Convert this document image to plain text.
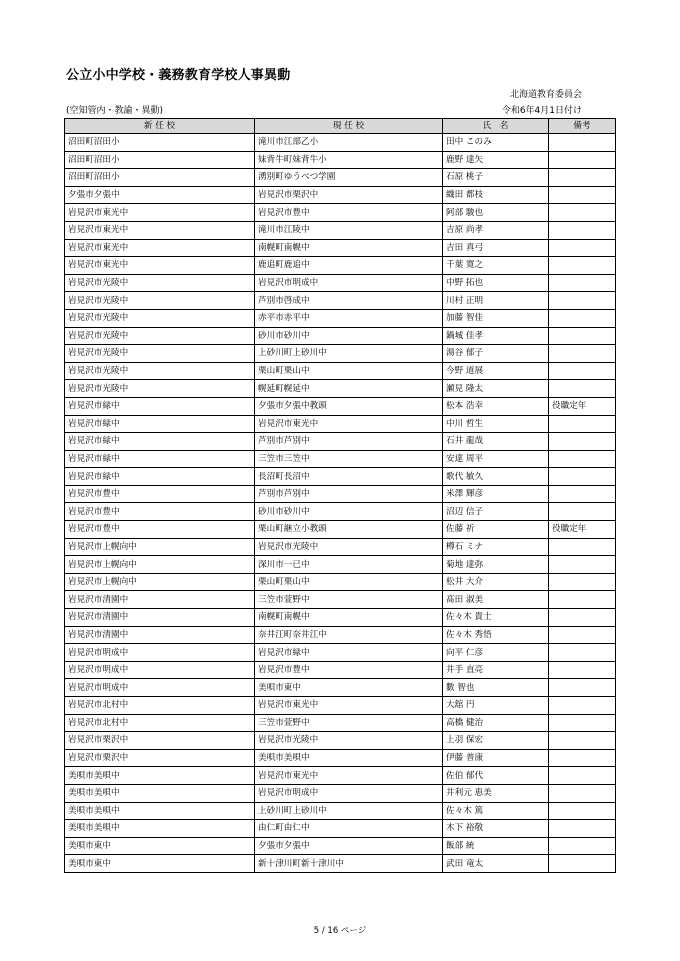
公立小中学校・義務教育学校人事異動
北海道教育委員会
(空知管内・教諭・異動)	令和6年4月1日付け
新 任 校	現 任 校	氏　名	備考
沼田町沼田小	滝川市江部乙小	田中 このみ	
沼田町沼田小	妹背牛町妹背牛小	鹿野 達矢	
沼田町沼田小	湧別町ゆうべつ学園	石原 桃子	
夕張市夕張中	岩見沢市栗沢中	織田 都枝	
岩見沢市東光中	岩見沢市豊中	阿部 駿也	
岩見沢市東光中	滝川市江陵中	吉原 尚孝	
岩見沢市東光中	南幌町南幌中	吉田 真弓	
岩見沢市東光中	鹿追町鹿追中	千葉 寛之	
岩見沢市光陵中	岩見沢市明成中	中野 拓也	
岩見沢市光陵中	芦別市啓成中	川村 正明	
岩見沢市光陵中	赤平市赤平中	加藤 智佳	
岩見沢市光陵中	砂川市砂川中	鍋城 佳孝	
岩見沢市光陵中	上砂川町上砂川中	湯谷 郁子	
岩見沢市光陵中	栗山町栗山中	今野 道展	
岩見沢市光陵中	幌延町幌延中	瀬見 隆太	
岩見沢市緑中	夕張市夕張中教頭	松本 浩幸	役職定年
岩見沢市緑中	岩見沢市東光中	中川 哲生	
岩見沢市緑中	芦別市芦別中	石井 龍哉	
岩見沢市緑中	三笠市三笠中	安達 周平	
岩見沢市緑中	長沼町長沼中	歌代 敏久	
岩見沢市豊中	芦別市芦別中	米澤 輝彦	
岩見沢市豊中	砂川市砂川中	沼辺 信子	
岩見沢市豊中	栗山町継立小教頭	佐藤 祈	役職定年
岩見沢市上幌向中	岩見沢市光陵中	樽石 ミナ	
岩見沢市上幌向中	深川市一已中	菊地 達弥	
岩見沢市上幌向中	栗山町栗山中	松井 大介	
岩見沢市清園中	三笠市萱野中	髙田 淑美	
岩見沢市清園中	南幌町南幌中	佐々木 貴士	
岩見沢市清園中	奈井江町奈井江中	佐々木 秀悟	
岩見沢市明成中	岩見沢市緑中	向平 仁彦	
岩見沢市明成中	岩見沢市豊中	井手 直亮	
岩見沢市明成中	美唄市東中	數 智也	
岩見沢市北村中	岩見沢市東光中	大舘 円	
岩見沢市北村中	三笠市萱野中	高橋 健治	
岩見沢市栗沢中	岩見沢市光陵中	上羽 保宏	
岩見沢市栗沢中	美唄市美唄中	伊藤 普康	
美唄市美唄中	岩見沢市東光中	佐伯 郁代	
美唄市美唄中	岩見沢市明成中	井利元 恵美	
美唄市美唄中	上砂川町上砂川中	佐々木 篤	
美唄市美唄中	由仁町由仁中	木下 裕敬	
美唄市東中	夕張市夕張中	飯部 統	
美唄市東中	新十津川町新十津川中	武田 竜太	
5 / 16 ページ
